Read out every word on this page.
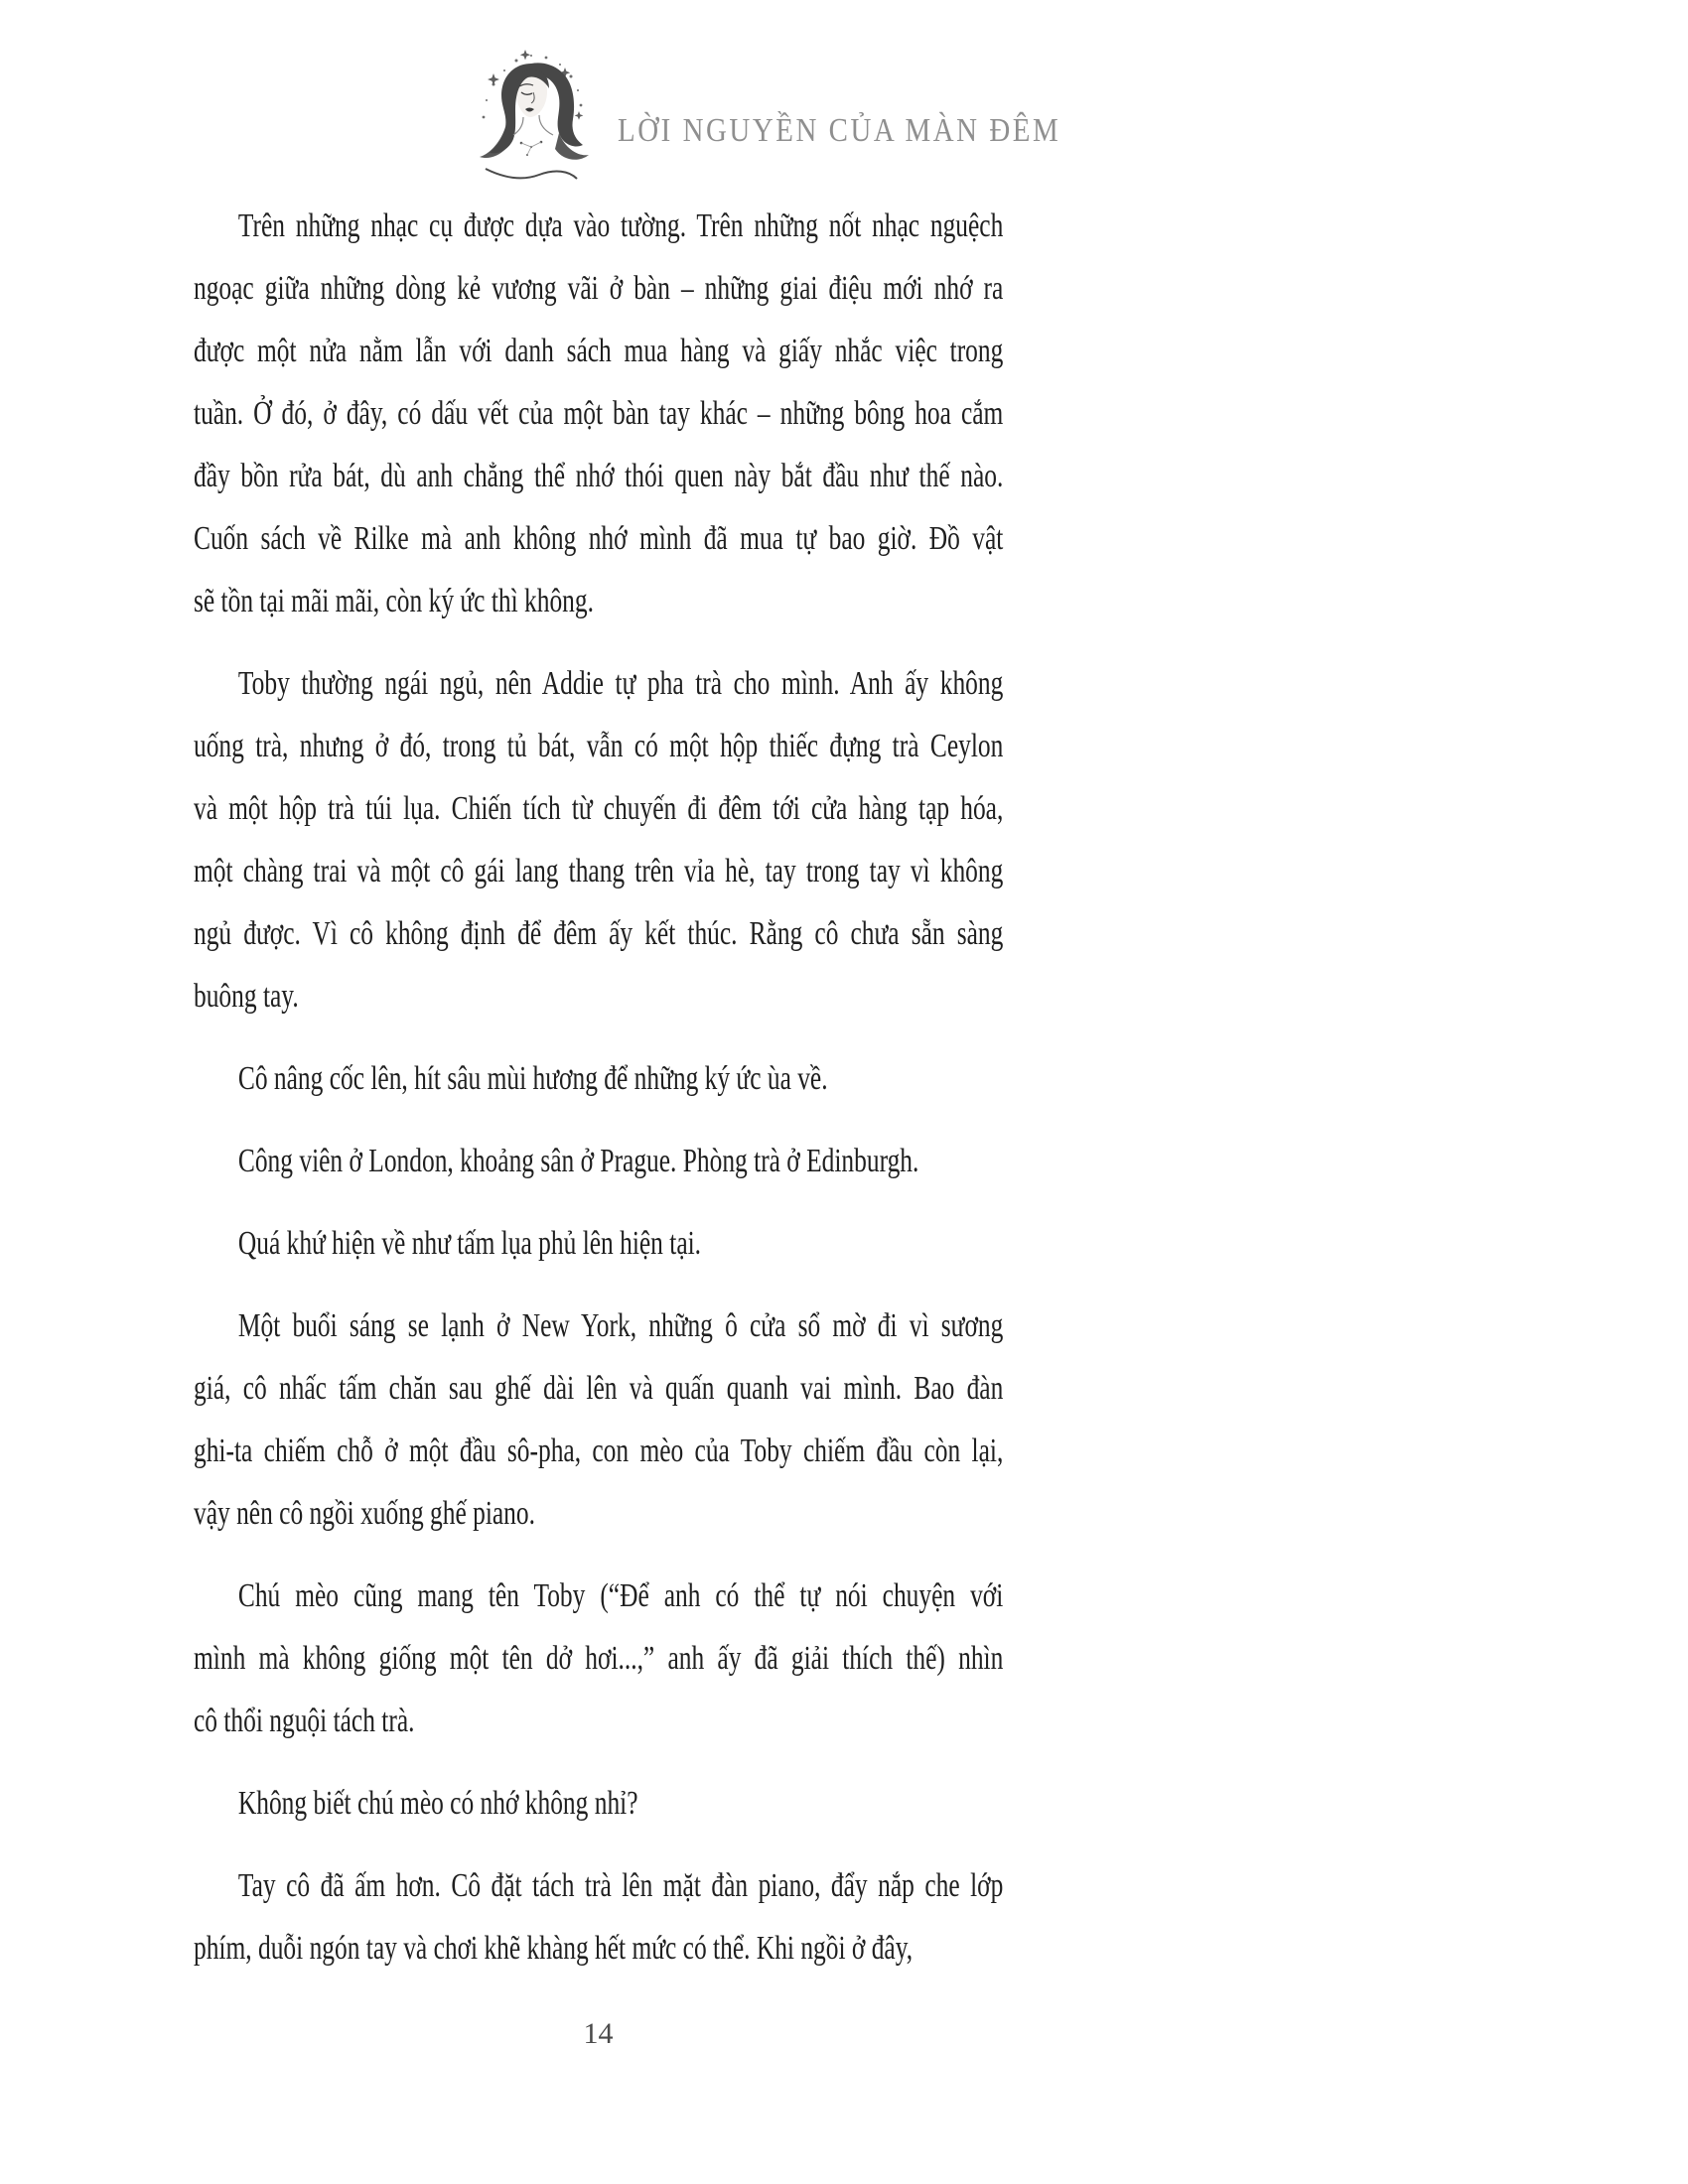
LỜI NGUYỀN CỦA MÀN ĐÊM
Trên những nhạc cụ được dựa vào tường. Trên những nốt nhạc nguệch
ngoạc giữa những dòng kẻ vương vãi ở bàn – những giai điệu mới nhớ ra
được một nửa nằm lẫn với danh sách mua hàng và giấy nhắc việc trong
tuần. Ở đó, ở đây, có dấu vết của một bàn tay khác – những bông hoa cắm
đầy bồn rửa bát, dù anh chẳng thể nhớ thói quen này bắt đầu như thế nào.
Cuốn sách về Rilke mà anh không nhớ mình đã mua tự bao giờ. Đồ vật
sẽ tồn tại mãi mãi, còn ký ức thì không.
Toby thường ngái ngủ, nên Addie tự pha trà cho mình. Anh ấy không
uống trà, nhưng ở đó, trong tủ bát, vẫn có một hộp thiếc đựng trà Ceylon
và một hộp trà túi lụa. Chiến tích từ chuyến đi đêm tới cửa hàng tạp hóa,
một chàng trai và một cô gái lang thang trên vỉa hè, tay trong tay vì không
ngủ được. Vì cô không định để đêm ấy kết thúc. Rằng cô chưa sẵn sàng
buông tay.
Cô nâng cốc lên, hít sâu mùi hương để những ký ức ùa về.
Công viên ở London, khoảng sân ở Prague. Phòng trà ở Edinburgh.
Quá khứ hiện về như tấm lụa phủ lên hiện tại.
Một buổi sáng se lạnh ở New York, những ô cửa sổ mờ đi vì sương
giá, cô nhấc tấm chăn sau ghế dài lên và quấn quanh vai mình. Bao đàn
ghi-ta chiếm chỗ ở một đầu sô-pha, con mèo của Toby chiếm đầu còn lại,
vậy nên cô ngồi xuống ghế piano.
Chú mèo cũng mang tên Toby (“Để anh có thể tự nói chuyện với
mình mà không giống một tên dở hơi...,” anh ấy đã giải thích thế) nhìn
cô thổi nguội tách trà.
Không biết chú mèo có nhớ không nhỉ?
Tay cô đã ấm hơn. Cô đặt tách trà lên mặt đàn piano, đẩy nắp che lớp
phím, duỗi ngón tay và chơi khẽ khàng hết mức có thể. Khi ngồi ở đây,
14
